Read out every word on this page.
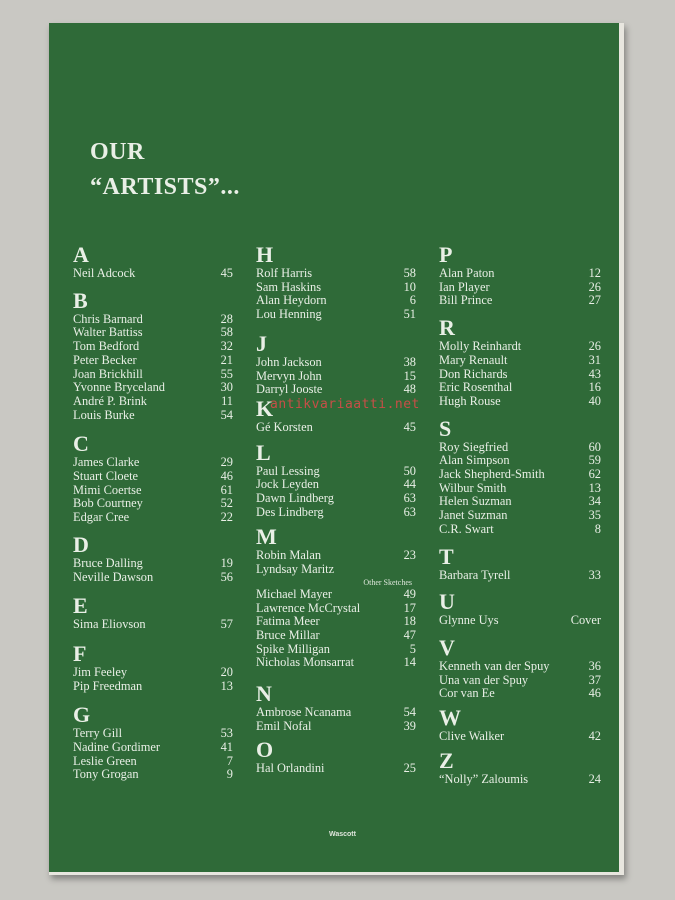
OUR
“ARTISTS”...
A
Neil Adcock	45
B
Chris Barnard	28
Walter Battiss	58
Tom Bedford	32
Peter Becker	21
Joan Brickhill	55
Yvonne Bryceland	30
André P. Brink	11
Louis Burke	54
C
James Clarke	29
Stuart Cloete	46
Mimi Coertse	61
Bob Courtney	52
Edgar Cree	22
D
Bruce Dalling	19
Neville Dawson	56
E
Sima Eliovson	57
F
Jim Feeley	20
Pip Freedman	13
G
Terry Gill	53
Nadine Gordimer	41
Leslie Green	7
Tony Grogan	9
H
Rolf Harris	58
Sam Haskins	10
Alan Heydorn	6
Lou Henning	51
J
John Jackson	38
Mervyn John	15
Darryl Jooste	48
K
Gé Korsten	45
L
Paul Lessing	50
Jock Leyden	44
Dawn Lindberg	63
Des Lindberg	63
M
Robin Malan	23
Lyndsay Maritz
Other Sketches
Michael Mayer	49
Lawrence McCrystal	17
Fatima Meer	18
Bruce Millar	47
Spike Milligan	5
Nicholas Monsarrat	14
N
Ambrose Ncanama	54
Emil Nofal	39
O
Hal Orlandini	25
P
Alan Paton	12
Ian Player	26
Bill Prince	27
R
Molly Reinhardt	26
Mary Renault	31
Don Richards	43
Eric Rosenthal	16
Hugh Rouse	40
S
Roy Siegfried	60
Alan Simpson	59
Jack Shepherd-Smith	62
Wilbur Smith	13
Helen Suzman	34
Janet Suzman	35
C.R. Swart	8
T
Barbara Tyrell	33
U
Glynne Uys	Cover
V
Kenneth van der Spuy	36
Una van der Spuy	37
Cor van Ee	46
W
Clive Walker	42
Z
“Nolly” Zaloumis	24
Wascott
antikvariaatti.net
